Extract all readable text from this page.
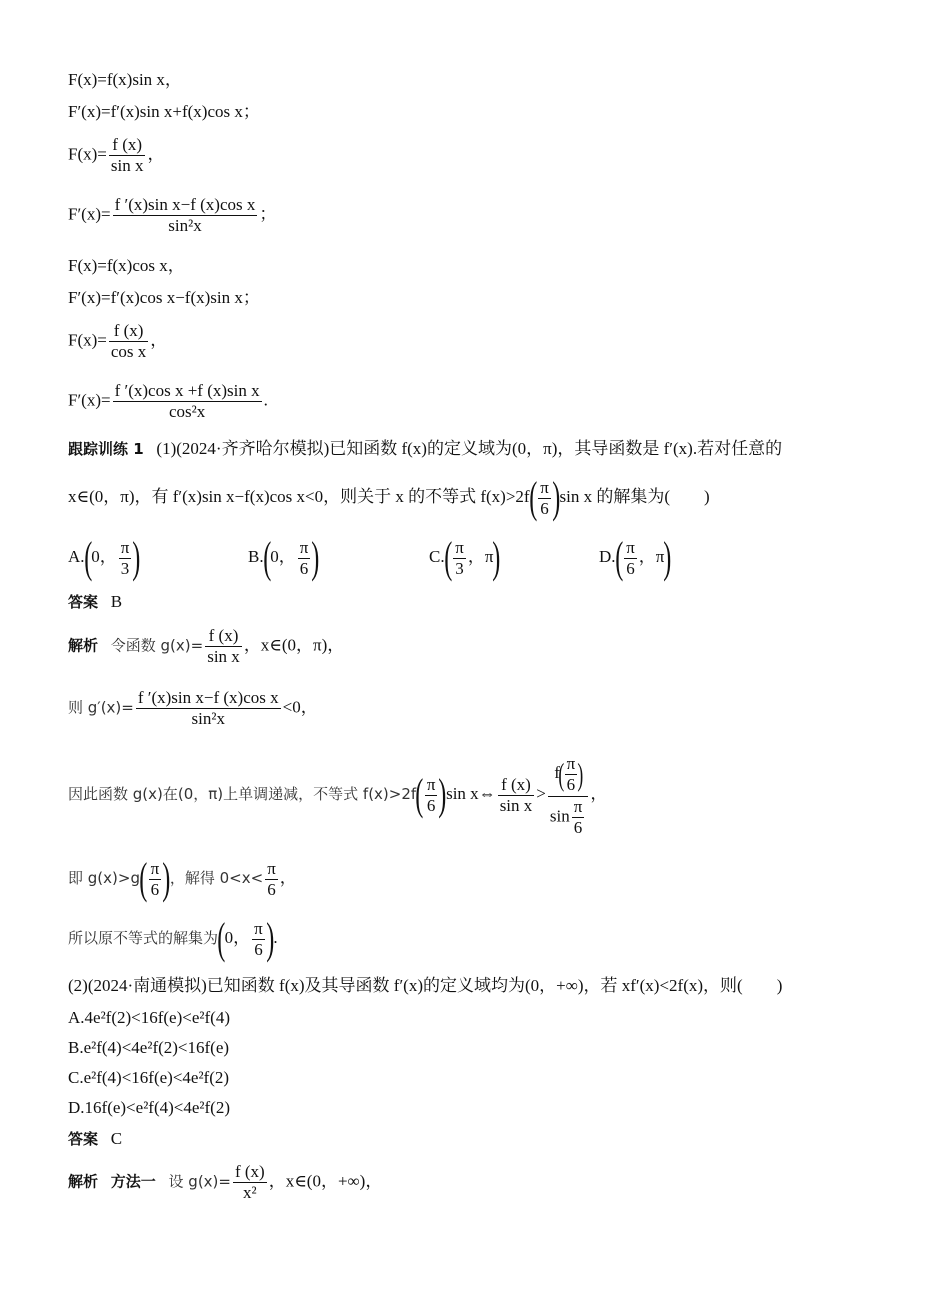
F(x)=f(x)sin x，
F′(x)=f′(x)sin x+f(x)cos x；
$F(x)= \frac{f (x)}{\text{sin x}}$ ，
$F'(x)= \frac{\text{f ′(x)sin x−f (x)cos x}}{\text{sin²x}}$ ；
F(x)=f(x)cos x，
F′(x)=f′(x)cos x−f(x)sin x；
$F(x)= \frac{f (x)}{\text{cos x}}$ ，
$F'(x)= \frac{\text{f ′(x)cos x +f (x)sin x}}{\text{cos²x}}$ .
跟踪训练 1 (1)(2024·齐齐哈尔模拟)已知函数 f(x)的定义域为(0，π)，其导函数是 f′(x).若对任意的
x∈(0，π)，有 f′(x)sin x−f(x)cos x<0，则关于 x 的不等式 $f(x)>2f( \frac{\pi}{6} )\sin$ x 的解集为(　　)
A.(0， $\frac{\pi}{3}$ )	B.(0， $\frac{\pi}{6}$ )	$C.( \frac{\pi}{3}$ ，π)	$D.( \frac{\pi}{6}$ ，π)
答案 B
解析 令函数 $g(x)= \frac{f (x)}{\text{sin x}}$ ，x∈(0，π)，
则 $g'(x)= \frac{\text{f ′(x)sin x−f (x)cos x}}{\text{sin²x}} <0$，
因此函数 g(x)在(0，π)上单调递减，不等式 $f(x)>2f( \frac{\pi}{6} )\sin$ x⇔ $\frac{f (x)}{\text{sin x}} > \frac{f( \frac{\pi}{6} )}{\sin \frac{\pi}{6}}$ ，
即 $g(x)>g( \frac{\pi}{6}$ )，解得 $0<x< \frac{\pi}{6}$ ，
所以原不等式的解集为(0， $\frac{\pi}{6}$ ).
(2)(2024·南通模拟)已知函数 f(x)及其导函数 f′(x)的定义域均为(0，+∞)，若 xf′(x)<2f(x)，则(　　)
A.4e²f(2)<16f(e)<e²f(4)
B.e²f(4)<4e²f(2)<16f(e)
C.e²f(4)<16f(e)<4e²f(2)
D.16f(e)<e²f(4)<4e²f(2)
答案 C
解析 方法一 设 $g(x)= \frac{f (x)}{\text{x²}}$ ，x∈(0，+∞)，
